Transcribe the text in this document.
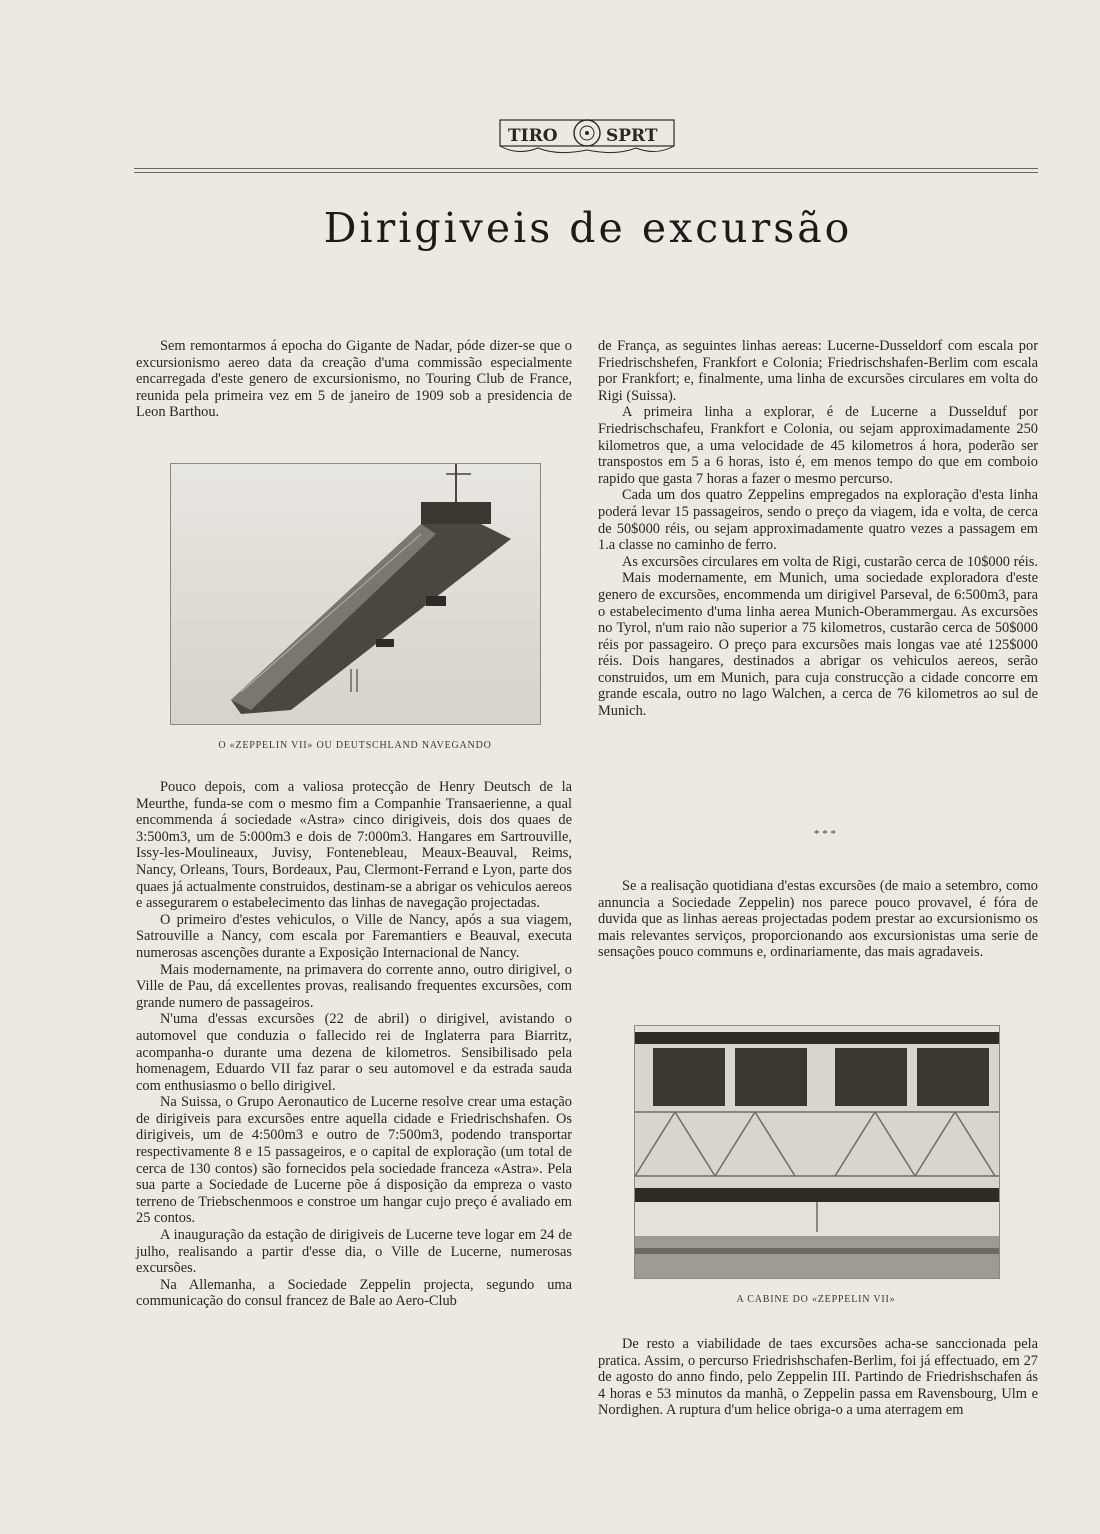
TIRO	SPRT
Dirigiveis de excursão

Sem remontarmos á epocha do Gigante de Nadar, póde dizer-se que o excursionismo aereo data da creação d'uma commissão especialmente encarregada d'este genero de excursionismo, no Touring Club de France, reunida pela primeira vez em 5 de janeiro de 1909 sob a presidencia de Leon Barthou.

O «ZEPPELIN VII» OU DEUTSCHLAND NAVEGANDO

Pouco depois, com a valiosa protecção de Henry Deutsch de la Meurthe, funda-se com o mesmo fim a Companhie Transaerienne, a qual encommenda á sociedade «Astra» cinco dirigiveis, dois dos quaes de 3:500m3, um de 5:000m3 e dois de 7:000m3. Hangares em Sartrouville, Issy-les-Moulineaux, Juvisy, Fontenebleau, Meaux-Beauval, Reims, Nancy, Orleans, Tours, Bordeaux, Pau, Clermont-Ferrand e Lyon, parte dos quaes já actualmente construidos, destinam-se a abrigar os vehiculos aereos e assegurarem o estabelecimento das linhas de navegação projectadas.

O primeiro d'estes vehiculos, o Ville de Nancy, após a sua viagem, Satrouville a Nancy, com escala por Faremantiers e Beauval, executa numerosas ascenções durante a Exposição Internacional de Nancy.

Mais modernamente, na primavera do corrente anno, outro dirigivel, o Ville de Pau, dá excellentes provas, realisando frequentes excursões, com grande numero de passageiros.

N'uma d'essas excursões (22 de abril) o dirigivel, avistando o automovel que conduzia o fallecido rei de Inglaterra para Biarritz, acompanha-o durante uma dezena de kilometros. Sensibilisado pela homenagem, Eduardo VII faz parar o seu automovel e da estrada sauda com enthusiasmo o bello dirigivel.

Na Suissa, o Grupo Aeronautico de Lucerne resolve crear uma estação de dirigiveis para excursões entre aquella cidade e Friedrischshafen. Os dirigiveis, um de 4:500m3 e outro de 7:500m3, podendo transportar respectivamente 8 e 15 passageiros, e o capital de exploração (um total de cerca de 130 contos) são fornecidos pela sociedade franceza «Astra». Pela sua parte a Sociedade de Lucerne põe á disposição da empreza o vasto terreno de Triebschenmoos e constroe um hangar cujo preço é avaliado em 25 contos.

A inauguração da estação de dirigiveis de Lucerne teve logar em 24 de julho, realisando a partir d'esse dia, o Ville de Lucerne, numerosas excursões.

Na Allemanha, a Sociedade Zeppelin projecta, segundo uma communicação do consul francez de Bale ao Aero-Club

de França, as seguintes linhas aereas: Lucerne-Dusseldorf com escala por Friedrischshefen, Frankfort e Colonia; Friedrischshafen-Berlim com escala por Frankfort; e, finalmente, uma linha de excursões circulares em volta do Rigi (Suissa).

A primeira linha a explorar, é de Lucerne a Dusselduf por Friedrischschafeu, Frankfort e Colonia, ou sejam approximadamente 250 kilometros que, a uma velocidade de 45 kilometros á hora, poderão ser transpostos em 5 a 6 horas, isto é, em menos tempo do que em comboio rapido que gasta 7 horas a fazer o mesmo percurso.

Cada um dos quatro Zeppelins empregados na exploração d'esta linha poderá levar 15 passageiros, sendo o preço da viagem, ida e volta, de cerca de 50$000 réis, ou sejam approximadamente quatro vezes a passagem em 1.a classe no caminho de ferro.

As excursões circulares em volta de Rigi, custarão cerca de 10$000 réis.

Mais modernamente, em Munich, uma sociedade exploradora d'este genero de excursões, encommenda um dirigivel Parseval, de 6:500m3, para o estabelecimento d'uma linha aerea Munich-Oberammergau. As excursões no Tyrol, n'um raio não superior a 75 kilometros, custarão cerca de 50$000 réis por passageiro. O preço para excursões mais longas vae até 125$000 réis. Dois hangares, destinados a abrigar os vehiculos aereos, serão construidos, um em Munich, para cuja construcção a cidade concorre em grande escala, outro no lago Walchen, a cerca de 76 kilometros ao sul de Munich.

* * *

Se a realisação quotidiana d'estas excursões (de maio a setembro, como annuncia a Sociedade Zeppelin) nos parece pouco provavel, é fóra de duvida que as linhas aereas projectadas podem prestar ao excursionismo os mais relevantes serviços, proporcionando aos excursionistas uma serie de sensações pouco communs e, ordinariamente, das mais agradaveis.

A CABINE DO «ZEPPELIN VII»

De resto a viabilidade de taes excursões acha-se sanccionada pela pratica. Assim, o percurso Friedrishschafen-Berlim, foi já effectuado, em 27 de agosto do anno findo, pelo Zeppelin III. Partindo de Friedrishschafen ás 4 horas e 53 minutos da manhã, o Zeppelin passa em Ravensbourg, Ulm e Nordighen. A ruptura d'um helice obriga-o a uma aterragem em
